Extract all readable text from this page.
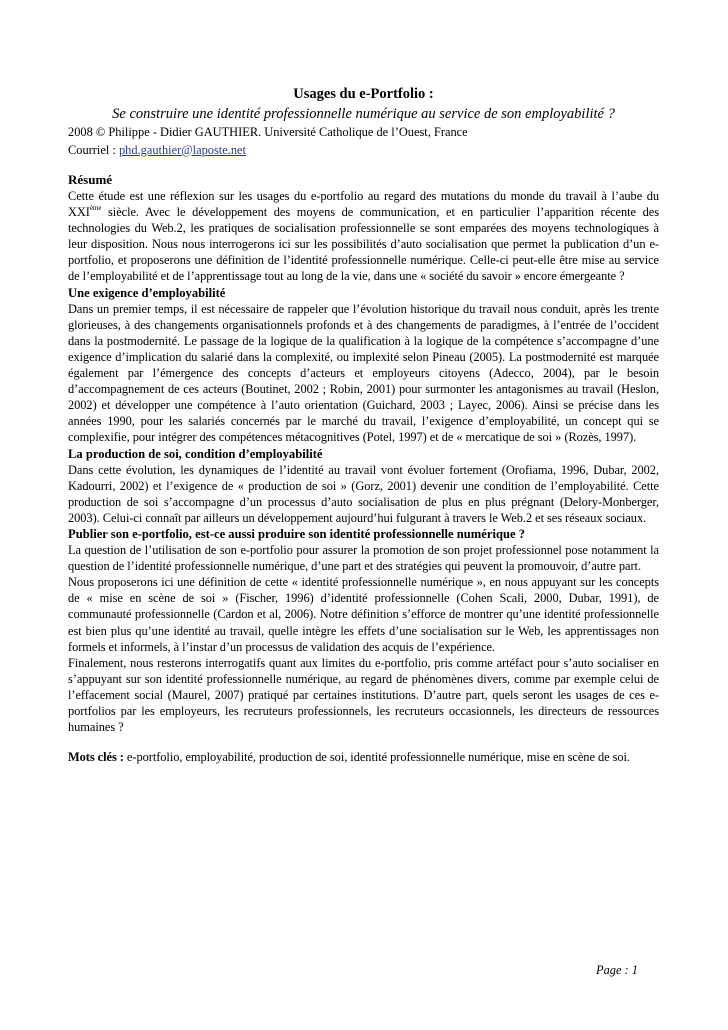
Usages du e-Portfolio :

Se construire une identité professionnelle numérique au service de son employabilité ?

2008 © Philippe - Didier GAUTHIER. Université Catholique de l’Ouest, France

Courriel : phd.gauthier@laposte.net

Résumé

Cette étude est une réflexion sur les usages du e-portfolio au regard des mutations du monde du travail à l’aube du XXIème siècle. Avec le développement des moyens de communication, et en particulier l’apparition récente des technologies du Web.2, les pratiques de socialisation professionnelle se sont emparées des moyens technologiques à leur disposition. Nous nous interrogerons ici sur les possibilités d’auto socialisation que permet la publication d’un e-portfolio, et proposerons une définition de l’identité professionnelle numérique. Celle-ci peut-elle être mise au service de l’employabilité et de l’apprentissage tout au long de la vie, dans une « société du savoir » encore émergeante ?

Une exigence d’employabilité

Dans un premier temps, il est nécessaire de rappeler que l’évolution historique du travail nous conduit, après les trente glorieuses, à des changements organisationnels profonds et à des changements de paradigmes, à l’entrée de l’occident dans la postmodernité. Le passage de la logique de la qualification à la logique de la compétence s’accompagne d’une exigence d’implication du salarié dans la complexité, ou implexité selon Pineau (2005). La postmodernité est marquée également par l’émergence des concepts d’acteurs et employeurs citoyens (Adecco, 2004), par le besoin d’accompagnement de ces acteurs (Boutinet, 2002 ; Robin, 2001) pour surmonter les antagonismes au travail (Heslon, 2002) et développer une compétence à l’auto orientation (Guichard, 2003 ; Layec, 2006). Ainsi se précise dans les années 1990, pour les salariés concernés par le marché du travail, l’exigence d’employabilité, un concept qui se complexifie, pour intégrer des compétences métacognitives (Potel, 1997) et de « mercatique de soi » (Rozès, 1997).

La production de soi, condition d’employabilité

Dans cette évolution, les dynamiques de l’identité au travail vont évoluer fortement (Orofiama, 1996, Dubar, 2002, Kadourri, 2002) et l’exigence de « production de soi » (Gorz, 2001) devenir une condition de l’employabilité. Cette production de soi s’accompagne d’un processus d’auto socialisation de plus en plus prégnant (Delory-Monberger, 2003). Celui-ci connaît par ailleurs un développement aujourd’hui fulgurant à travers le Web.2 et ses réseaux sociaux.

Publier son e-portfolio, est-ce aussi produire son identité professionnelle numérique ?

La question de l’utilisation de son e-portfolio pour assurer la promotion de son projet professionnel pose notamment la question de l’identité professionnelle numérique, d’une part et des stratégies qui peuvent la promouvoir, d’autre part.

Nous proposerons ici une définition de cette « identité professionnelle numérique », en nous appuyant sur les concepts de « mise en scène de soi » (Fischer, 1996) d’identité professionnelle (Cohen Scali, 2000, Dubar, 1991), de communauté professionnelle (Cardon et al, 2006). Notre définition s’efforce de montrer qu’une identité professionnelle est bien plus qu’une identité au travail, quelle intègre les effets d’une socialisation sur le Web, les apprentissages non formels et informels, à l’instar d’un processus de validation des acquis de l’expérience.

Finalement, nous resterons interrogatifs quant aux limites du e-portfolio, pris comme artéfact pour s’auto socialiser en s’appuyant sur son identité professionnelle numérique, au regard de phénomènes divers, comme par exemple celui de l’effacement social (Maurel, 2007) pratiqué par certaines institutions. D’autre part, quels seront les usages de ces e-portfolios par les employeurs, les recruteurs professionnels, les recruteurs occasionnels, les directeurs de ressources humaines ?

Mots clés : e-portfolio, employabilité, production de soi, identité professionnelle numérique, mise en scène de soi.

Page : 1
